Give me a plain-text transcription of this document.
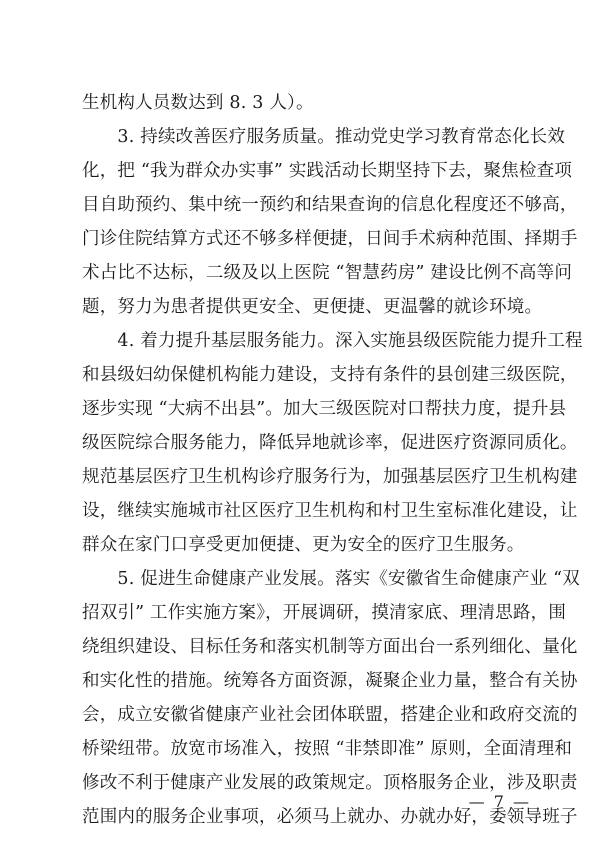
生机构人员数达到 8. 3 人）。
　　3. 持续改善医疗服务质量。推动党史学习教育常态化长效
化，把 “我为群众办实事” 实践活动长期坚持下去，聚焦检查项
目自助预约、集中统一预约和结果查询的信息化程度还不够高，
门诊住院结算方式还不够多样便捷，日间手术病种范围、择期手
术占比不达标，二级及以上医院 “智慧药房” 建设比例不高等问
题，努力为患者提供更安全、更便捷、更温馨的就诊环境。
　　4. 着力提升基层服务能力。深入实施县级医院能力提升工程
和县级妇幼保健机构能力建设，支持有条件的县创建三级医院，
逐步实现 “大病不出县”。加大三级医院对口帮扶力度，提升县
级医院综合服务能力，降低异地就诊率，促进医疗资源同质化。
规范基层医疗卫生机构诊疗服务行为，加强基层医疗卫生机构建
设，继续实施城市社区医疗卫生机构和村卫生室标准化建设，让
群众在家门口享受更加便捷、更为安全的医疗卫生服务。
　　5. 促进生命健康产业发展。落实《安徽省生命健康产业 “双
招双引” 工作实施方案》，开展调研，摸清家底、理清思路，围
绕组织建设、目标任务和落实机制等方面出台一系列细化、量化
和实化性的措施。统筹各方面资源，凝聚企业力量，整合有关协
会，成立安徽省健康产业社会团体联盟，搭建企业和政府交流的
桥梁纽带。放宽市场准入，按照 “非禁即准” 原则，全面清理和
修改不利于健康产业发展的政策规定。顶格服务企业，涉及职责
范围内的服务企业事项，必须马上就办、办就办好，委领导班子
— 7 —
